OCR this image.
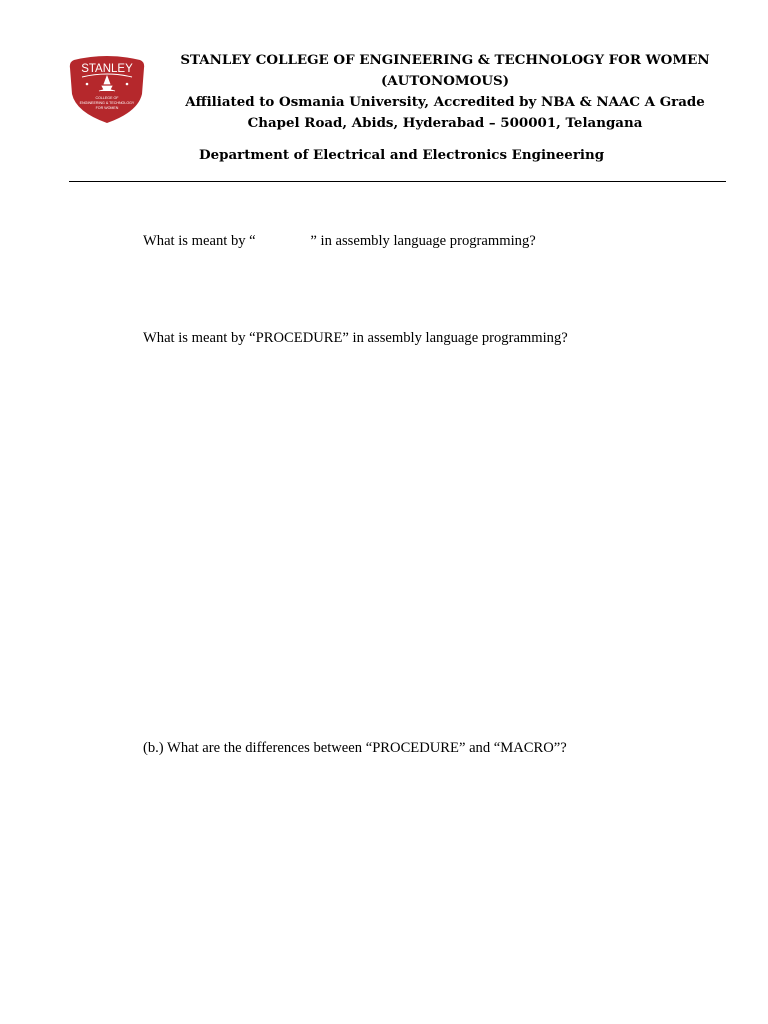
STANLEY
COLLEGE OF
ENGINEERING & TECHNOLOGY
FOR WOMEN
STANLEY COLLEGE OF ENGINEERING & TECHNOLOGY FOR WOMEN
(AUTONOMOUS)
Affiliated to Osmania University, Accredited by NBA & NAAC A Grade
Chapel Road, Abids, Hyderabad – 500001, Telangana
Department of Electrical and Electronics Engineering
What is meant by “               ” in assembly language programming?
What is meant by “PROCEDURE” in assembly language programming?
(b.) What are the differences between “PROCEDURE” and “MACRO”?
